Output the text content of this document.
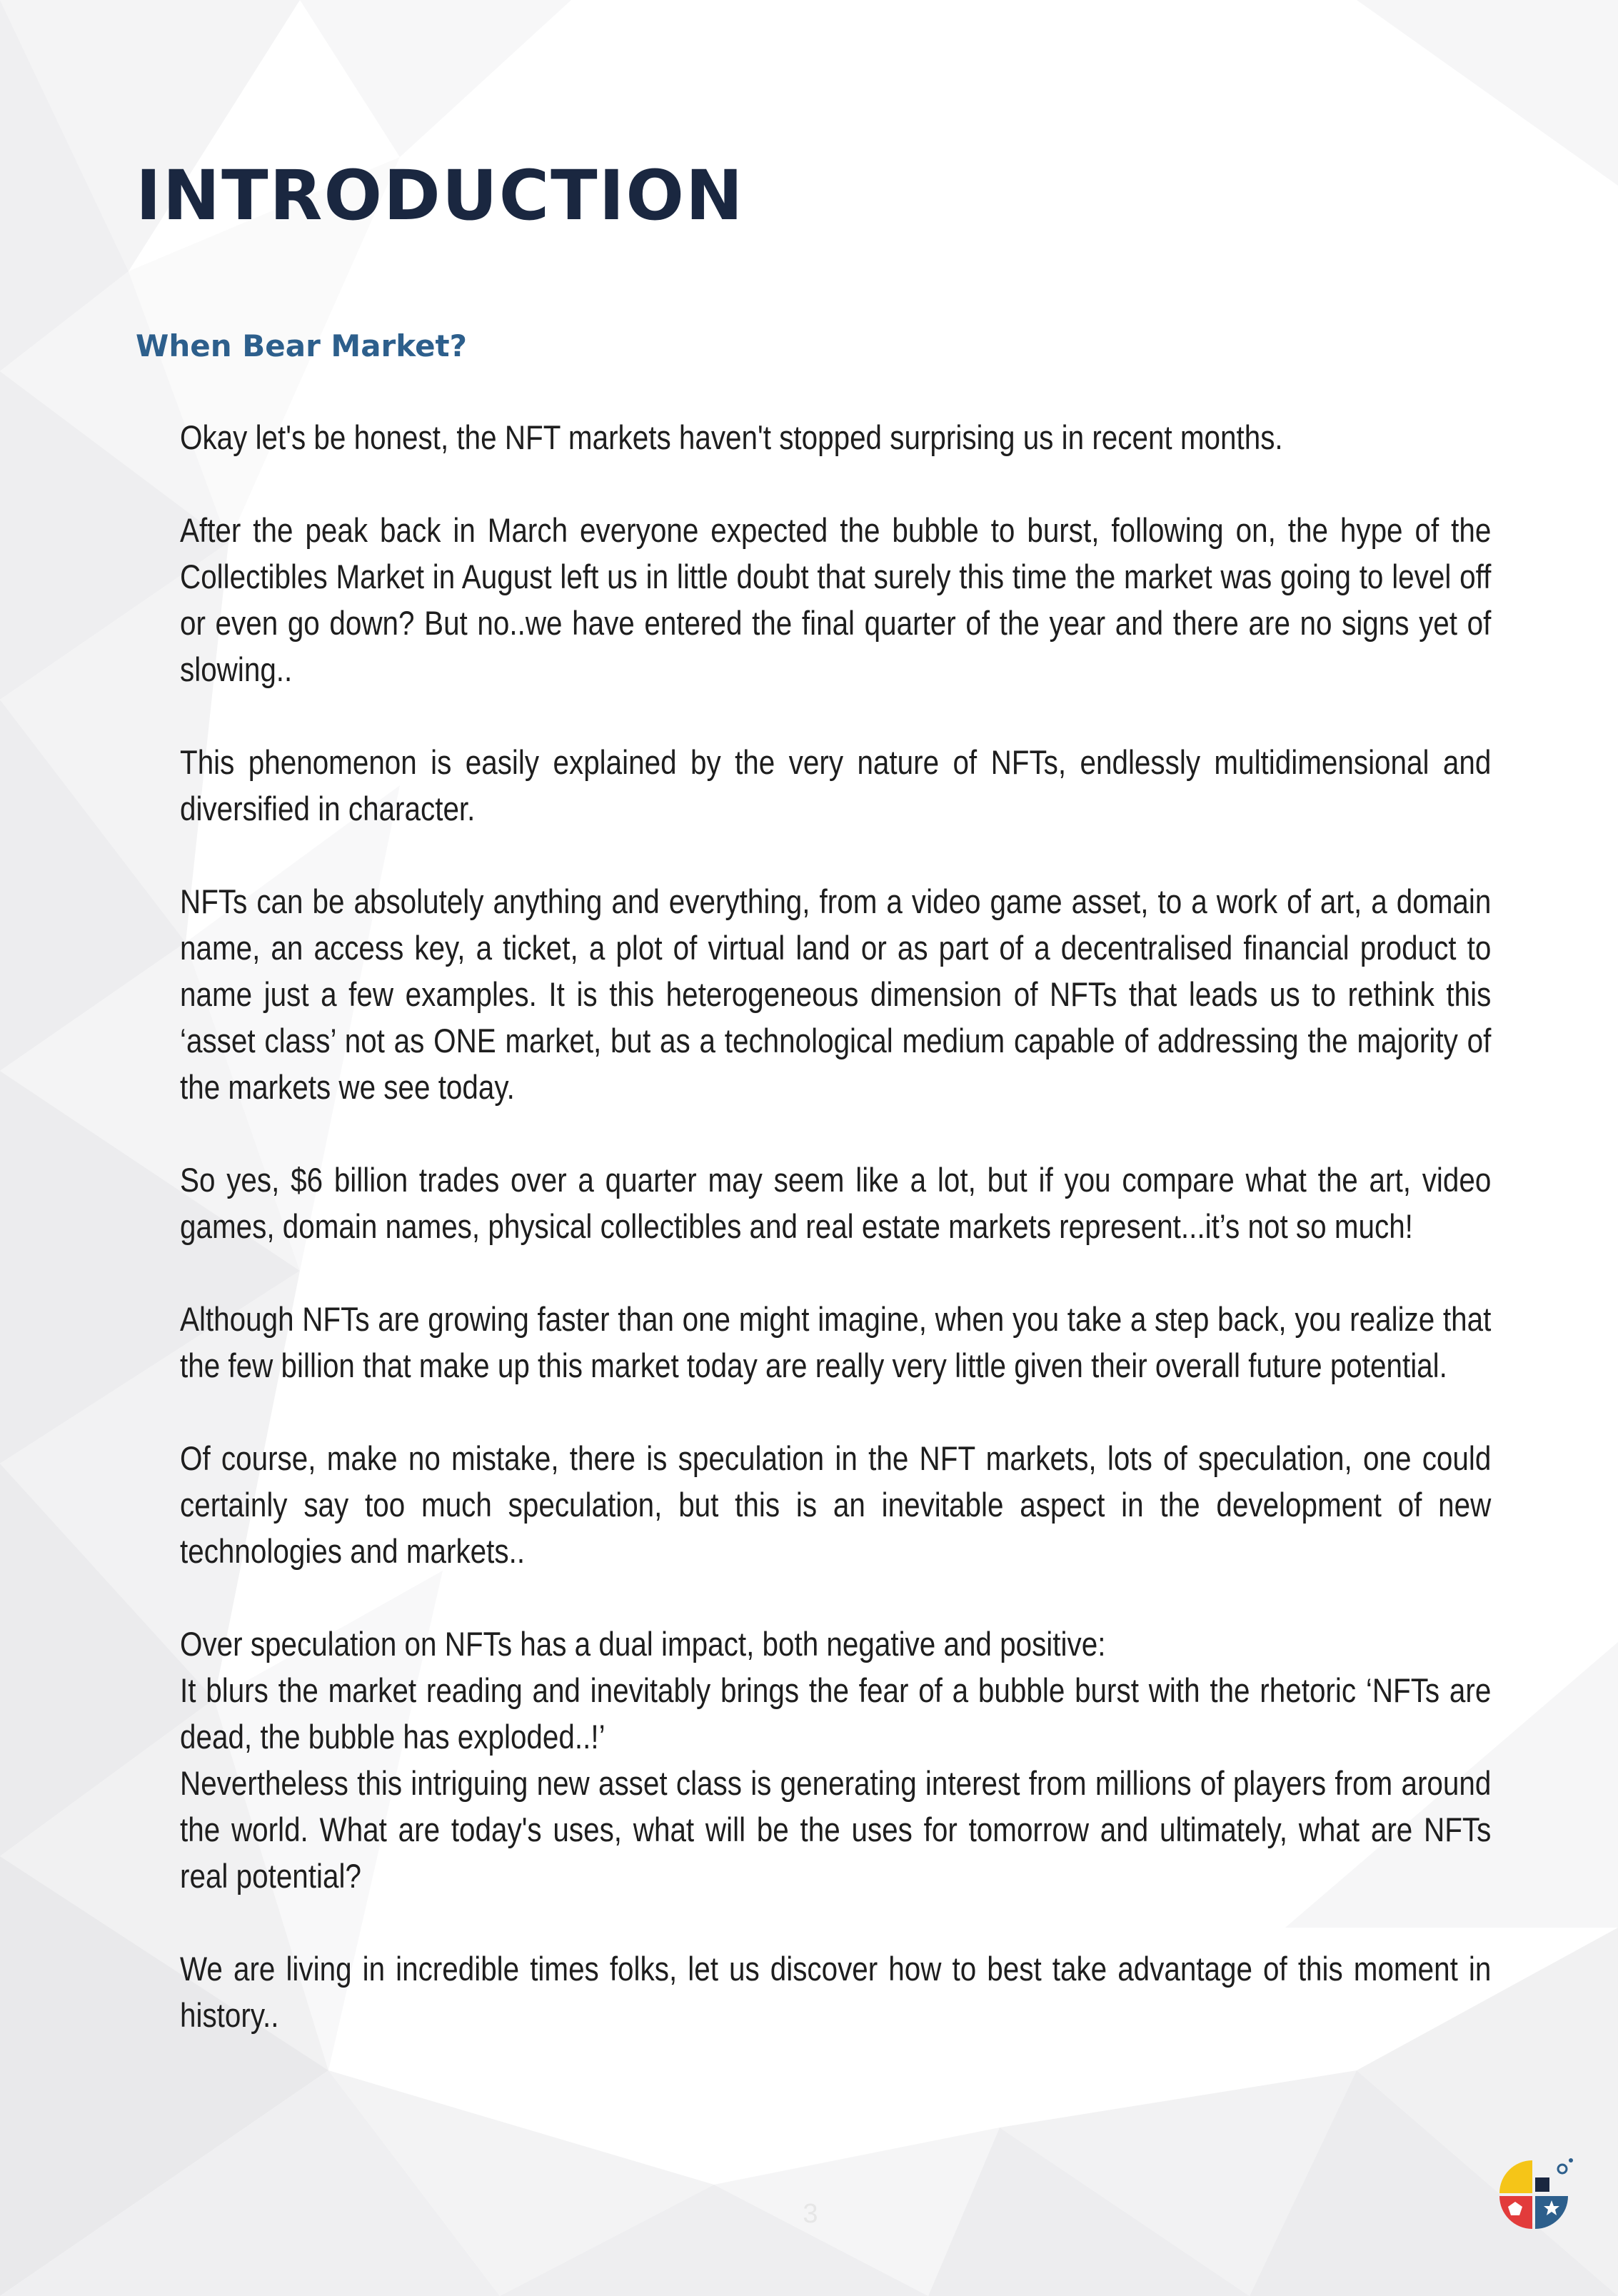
INTRODUCTION
When Bear Market?

Okay let's be honest, the NFT markets haven't stopped surprising us in recent months.

After the peak back in March everyone expected the bubble to burst, following on, the hype of the Collectibles Market in August left us in little doubt that surely this time the market was going to level off or even go down? But no..we have entered the final quarter of the year and there are no signs yet of slowing..

This phenomenon is easily explained by the very nature of NFTs, endlessly multidimensional and diversified in character.

NFTs can be absolutely anything and everything, from a video game asset, to a work of art, a domain name, an access key, a ticket, a plot of virtual land or as part of a decentralised financial product to name just a few examples. It is this heterogeneous dimension of NFTs that leads us to rethink this ‘asset class’ not as ONE market, but as a technological medium capable of addressing the majority of the markets we see today.

So yes, $6 billion trades over a quarter may seem like a lot, but if you compare what the art, video games, domain names, physical collectibles and real estate markets represent...it’s not so much!

Although NFTs are growing faster than one might imagine, when you take a step back, you realize that the few billion that make up this market today are really very little given their overall future potential.

Of course, make no mistake, there is speculation in the NFT markets, lots of speculation, one could certainly say too much speculation, but this is an inevitable aspect in the development of new technologies and markets..

Over speculation on NFTs has a dual impact, both negative and positive:

It blurs the market reading and inevitably brings the fear of a bubble burst with the rhetoric ‘NFTs are dead, the bubble has exploded..!’

Nevertheless this intriguing new asset class is generating interest from millions of players from around the world. What are today's uses, what will be the uses for tomorrow and ultimately, what are NFTs real potential?

We are living in incredible times folks, let us discover how to best take advantage of this moment in history..

3
